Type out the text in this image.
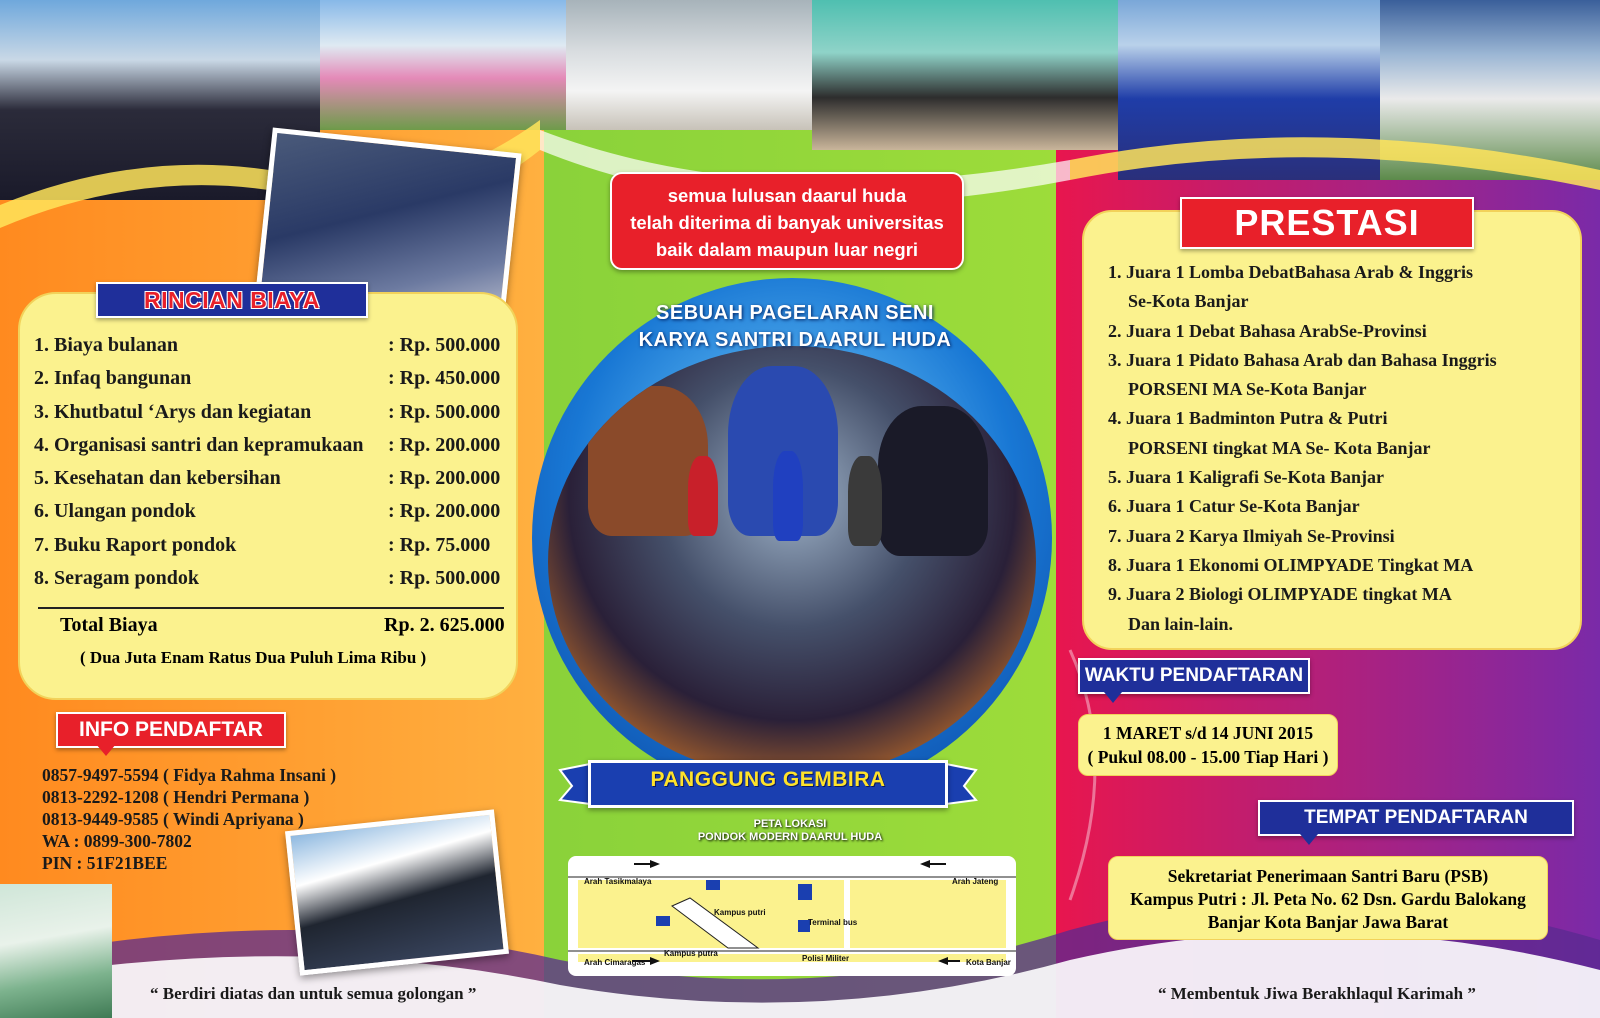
RINCIAN BIAYA
1. Biaya bulanan	: Rp. 500.000
2. Infaq bangunan	: Rp. 450.000
3. Khutbatul ‘Arys dan kegiatan	: Rp. 500.000
4. Organisasi santri dan kepramukaan : Rp. 200.000
5. Kesehatan dan kebersihan	: Rp. 200.000
6. Ulangan pondok	: Rp. 200.000
7. Buku Raport pondok	: Rp. 75.000
8. Seragam pondok	: Rp. 500.000
Total Biaya	Rp. 2. 625.000
( Dua Juta Enam Ratus Dua Puluh Lima Ribu )
INFO PENDAFTAR
0857-9497-5594 ( Fidya Rahma Insani )
0813-2292-1208 ( Hendri Permana )
0813-9449-9585 ( Windi Apriyana )
WA : 0899-300-7802
PIN : 51F21BEE
“ Berdiri diatas dan untuk semua golongan ”
semua lulusan daarul huda
telah diterima di banyak universitas
baik dalam maupun luar negri
SEBUAH PAGELARAN SENI
KARYA SANTRI DAARUL HUDA
PANGGUNG GEMBIRA
PETA LOKASI
PONDOK MODERN DAARUL HUDA
Arah Tasikmalaya	Arah Jateng
Arah Cimaragas	Kota Banjar
Kampus putri
Kampus putra
Terminal bus
Polisi Militer
PRESTASI
1. Juara 1 Lomba DebatBahasa Arab & Inggris
Se-Kota Banjar
2. Juara 1 Debat Bahasa ArabSe-Provinsi
3. Juara 1 Pidato Bahasa Arab dan Bahasa Inggris
PORSENI MA Se-Kota Banjar
4. Juara 1 Badminton Putra & Putri
PORSENI tingkat MA Se- Kota Banjar
5. Juara 1 Kaligrafi Se-Kota Banjar
6. Juara 1 Catur Se-Kota Banjar
7. Juara 2 Karya Ilmiyah Se-Provinsi
8. Juara 1 Ekonomi OLIMPYADE Tingkat MA
9. Juara 2 Biologi OLIMPYADE tingkat MA
Dan lain-lain.
WAKTU PENDAFTARAN
1 MARET s/d 14 JUNI 2015
( Pukul 08.00 - 15.00 Tiap Hari )
TEMPAT PENDAFTARAN
Sekretariat Penerimaan Santri Baru (PSB)
Kampus Putri : Jl. Peta No. 62 Dsn. Gardu Balokang
Banjar Kota Banjar Jawa Barat
“ Membentuk Jiwa Berakhlaqul Karimah ”
